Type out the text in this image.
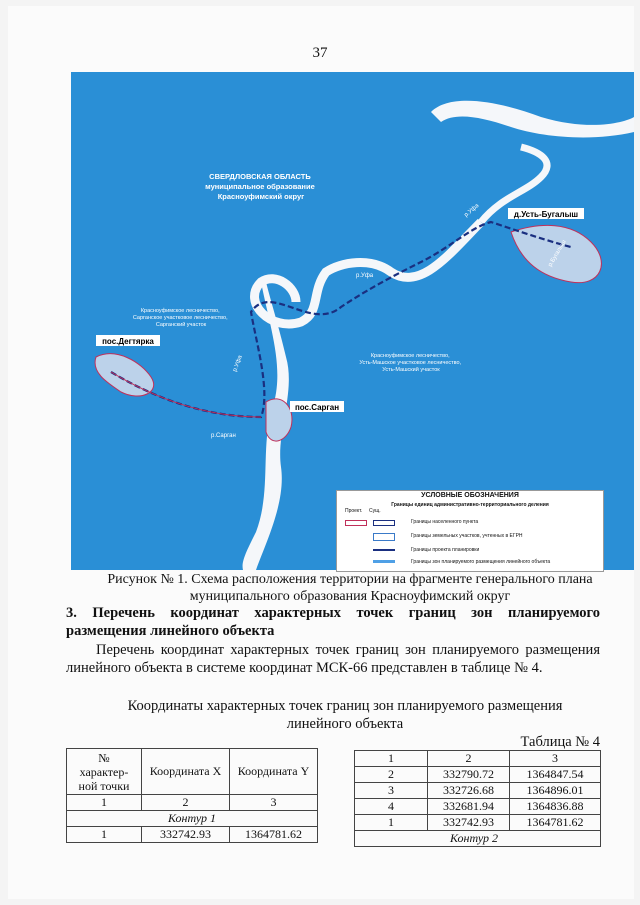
37
СВЕРДЛОВСКАЯ ОБЛАСТЬ муниципальное образование Красноуфимский округ
Красноуфимское лесничество, Сарганское участковое лесничество, Сарганский участок
Красноуфимское лесничество, Усть-Машское участковое лесничество, Усть-Машский участок
д.Усть-Бугалыш
пос.Дегтярка
пос.Сарган
р.Уфа
р.Уфа
р.Уфа
р.Бугалыш
р.Сарган
УСЛОВНЫЕ ОБОЗНАЧЕНИЯ
Границы единиц административно-территориального деления
Проект. Сущ.
Границы населенного пункта
Границы земельных участков, учтенных в ЕГРН
Границы проекта планировки
Границы зон планируемого размещения линейного объекта
Рисунок № 1. Схема расположения территории на фрагменте генерального плана муниципального образования Красноуфимский округ
3. Перечень координат характерных точек границ зон планируемого размещения линейного объекта
Перечень координат характерных точек границ зон планируемого размещения линейного объекта в системе координат МСК-66 представлен в таблице № 4.
Координаты характерных точек границ зон планируемого размещения линейного объекта
Таблица № 4
№
характер-
ной точки	Координата X	Координата Y
1	2	3
Контур 1		
1	332742.93	1364781.62
1	2	3
2	332790.72	1364847.54
3	332726.68	1364896.01
4	332681.94	1364836.88
1	332742.93	1364781.62
Контур 2		
